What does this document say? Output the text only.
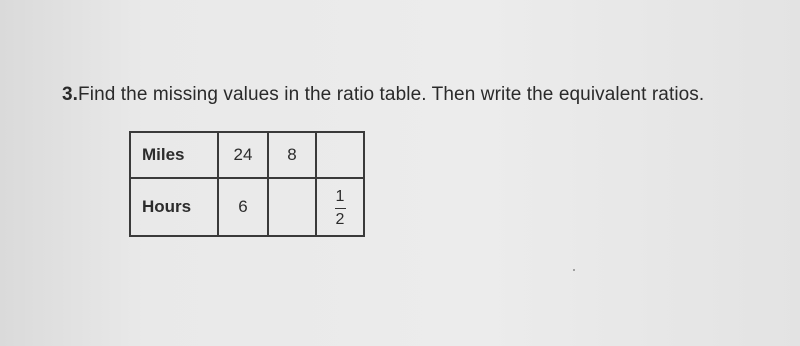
3.Find the missing values in the ratio table. Then write the equivalent ratios.
Miles	24	8	
Hours	6		$\frac{1}{2}$
